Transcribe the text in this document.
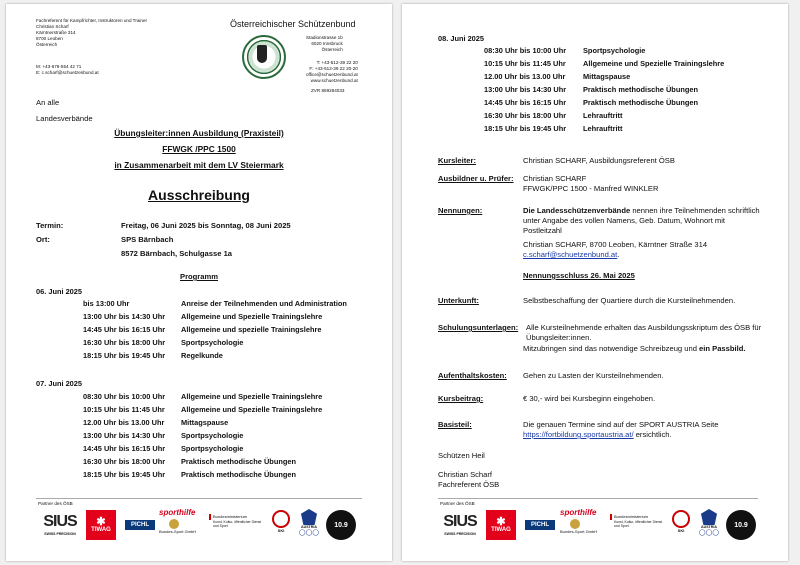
Fachreferent für Kampfrichter, Instruktoren und Trainer
Christian Scharf
Kärntnerstraße 314
8700 Leoben
Österreich
M: +43-676-554 42 71
E: c.scharf@schuetzenbund.at
Österreichischer Schützenbund
Stadionstrasse 1b
6020 Innsbruck
Österreich
T: +43-512-39 22 20
F: +43-512-39 22 20-20
office@schuetzenbund.at
www.schuetzenbund.at
ZVR 869284033
An alle
Landesverbände
Übungsleiter:innen Ausbildung (Praxisteil)
FFWGK /PPC 1500
in Zusammenarbeit mit dem LV Steiermark
Ausschreibung
Termin:	Freitag, 06 Juni 2025 bis Sonntag, 08 Juni 2025
Ort:	SPS Bärnbach
8572 Bärnbach, Schulgasse 1a
Programm
06. Juni 2025
bis 13:00 Uhr	Anreise der Teilnehmenden und Administration
13:00 Uhr bis 14:30 Uhr Allgemeine und Spezielle Trainingslehre
14:45 Uhr bis 16:15 Uhr Allgemeine und spezielle Trainingslehre
16:30 Uhr bis 18:00 Uhr Sportpsychologie
18:15 Uhr bis 19:45 Uhr Regelkunde
07. Juni 2025
08:30 Uhr bis 10:00 Uhr Allgemeine und Spezielle Trainingslehre
10:15 Uhr bis 11:45 Uhr Allgemeine und Spezielle Trainingslehre
12.00 Uhr bis 13.00 Uhr Mittagspause
13:00 Uhr bis 14:30 Uhr Sportpsychologie
14:45 Uhr bis 16:15 Uhr Sportpsychologie
16:30 Uhr bis 18:00 Uhr Praktisch methodische Übungen
18:15 Uhr bis 19:45 Uhr Praktisch methodische Übungen
Partner des ÖSB
SIUS
SWISS PRECISION
✱
TIWAG
PICHL
sporthilfe
Bundes-Sport GmbH
Bundesministerium
Kunst, Kultur, öffentlicher Dienst und Sport
SKI
AUSTRIA
◯◯◯
10.9
08. Juni 2025
08:30 Uhr bis 10:00 Uhr Sportpsychologie
10:15 Uhr bis 11:45 Uhr Allgemeine und Spezielle Trainingslehre
12.00 Uhr bis 13.00 Uhr Mittagspause
13:00 Uhr bis 14:30 Uhr Praktisch methodische Übungen
14:45 Uhr bis 16:15 Uhr Praktisch methodische Übungen
16:30 Uhr bis 18:00 Uhr Lehrauftritt
18:15 Uhr bis 19:45 Uhr Lehrauftritt
Kursleiter:	Christian SCHARF, Ausbildungsreferent ÖSB
Ausbildner u. Prüfer: Christian SCHARF
FFWGK/PPC 1500 - Manfred WINKLER
Nennungen:	Die Landesschützenverbände nennen ihre Teilnehmenden schriftlich unter Angabe des vollen Namens, Geb. Datum, Wohnort mit Postleitzahl
Christian SCHARF, 8700 Leoben, Kärntner Straße 314
c.scharf@schuetzenbund.at.
Nennungsschluss 26. Mai 2025
Unterkunft:	Selbstbeschaffung der Quartiere durch die Kursteilnehmenden.
Schulungsunterlagen: Alle Kursteilnehmende erhalten das Ausbildungsskriptum des ÖSB für Übungsleiter:innen.
Mitzubringen sind das notwendige Schreibzeug und ein Passbild.
Aufenthaltskosten: Gehen zu Lasten der Kursteilnehmenden.
Kursbeitrag:	€ 30,- wird bei Kursbeginn eingehoben.
Basisteil:	Die genauen Termine sind auf der SPORT AUSTRIA Seite https://fortbildung.sportaustria.at/ ersichtlich.
Schützen Heil
Christian Scharf
Fachreferent ÖSB
Partner des ÖSB
SIUS
SWISS PRECISION
✱
TIWAG
PICHL
sporthilfe
Bundes-Sport GmbH
Bundesministerium
Kunst, Kultur, öffentlicher Dienst und Sport
SKI
AUSTRIA
◯◯◯
10.9
